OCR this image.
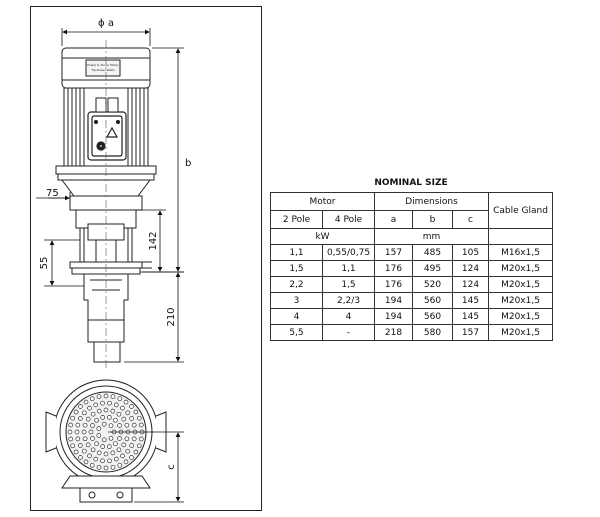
Power & Pump Motor
Tip-Power-Ratio
ϕ a
b
75
55
142
210
c
NOMINAL SIZE
Motor		Dimensions			Cable Gland
2 Pole	4 Pole	a	b	c	
kW		mm			
1,1	0,55/0,75	157	485	105	M16x1,5
1,5	1,1	176	495	124	M20x1,5
2,2	1,5	176	520	124	M20x1,5
3	2,2/3	194	560	145	M20x1,5
4	4	194	560	145	M20x1,5
5,5	-	218	580	157	M20x1,5
